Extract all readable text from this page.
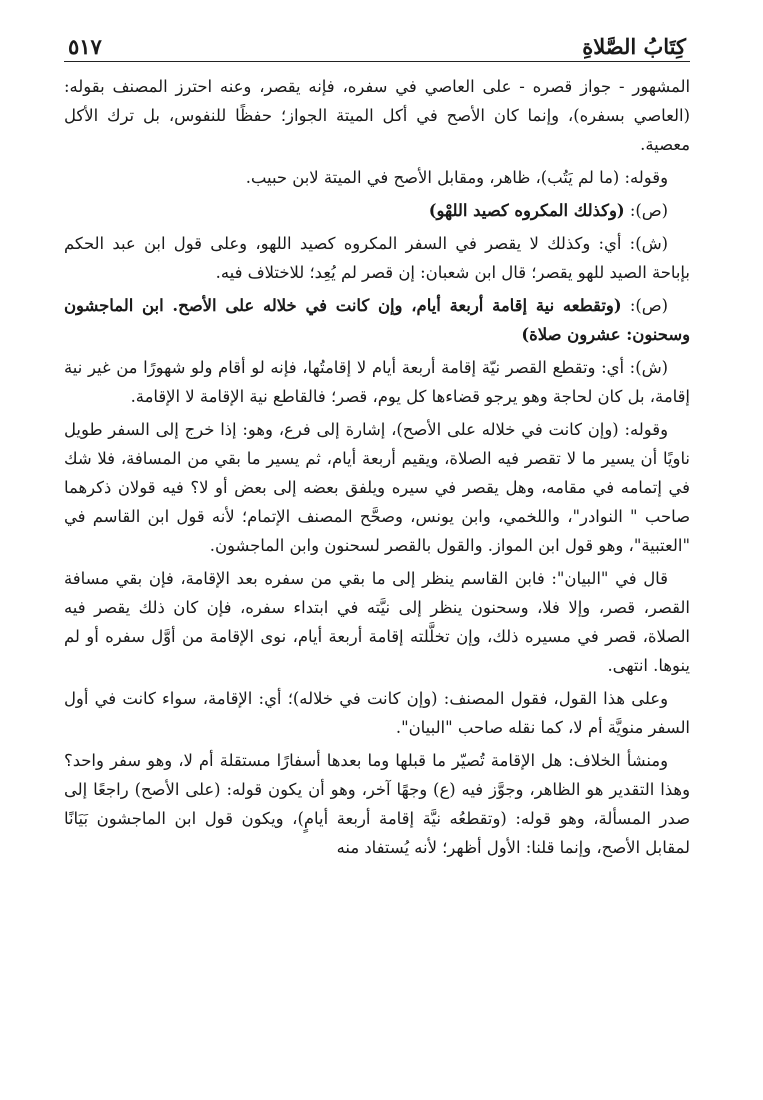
كِتَابُ الصَّلاةِ
٥١٧

المشهور - جواز قصره - على العاصي في سفره، فإنه يقصر، وعنه احترز المصنف بقوله: (العاصي بسفره)، وإنما كان الأصح في أكل الميتة الجواز؛ حفظًا للنفوس، بل ترك الأكل معصية.

وقوله: (ما لم يَتُب)، ظاهر، ومقابل الأصح في الميتة لابن حبيب.

(ص): (وكذلك المكروه كصيد اللهْو)

(ش): أي: وكذلك لا يقصر في السفر المكروه كصيد اللهو، وعلى قول ابن عبد الحكم بإباحة الصيد للهو يقصر؛ قال ابن شعبان: إن قصر لم يُعِد؛ للاختلاف فيه.

(ص): (وتقطعه نية إقامة أربعة أيام، وإن كانت في خلاله على الأصح. ابن الماجشون وسحنون: عشرون صلاة)

(ش): أي: وتقطع القصر نيّة إقامة أربعة أيام لا إقامتُها، فإنه لو أقام ولو شهورًا من غير نية إقامة، بل كان لحاجة وهو يرجو قضاءها كل يوم، قصر؛ فالقاطع نية الإقامة لا الإقامة.

وقوله: (وإن كانت في خلاله على الأصح)، إشارة إلى فرع، وهو: إذا خرج إلى السفر طويل ناويًا أن يسير ما لا تقصر فيه الصلاة، ويقيم أربعة أيام، ثم يسير ما بقي من المسافة، فلا شك في إتمامه في مقامه، وهل يقصر في سيره ويلفق بعضه إلى بعض أو لا؟ فيه قولان ذكرهما صاحب " النوادر"، واللخمي، وابن يونس، وصحَّح المصنف الإتمام؛ لأنه قول ابن القاسم في "العتبية"، وهو قول ابن المواز. والقول بالقصر لسحنون وابن الماجشون.

قال في "البيان": فابن القاسم ينظر إلى ما بقي من سفره بعد الإقامة، فإن بقي مسافة القصر، قصر، وإلا فلا، وسحنون ينظر إلى نيَّته في ابتداء سفره، فإن كان ذلك يقصر فيه الصلاة، قصر في مسيره ذلك، وإن تخلَّلته إقامة أربعة أيام، نوى الإقامة من أوَّل سفره أو لم ينوها. انتهى.

وعلى هذا القول، فقول المصنف: (وإن كانت في خلاله)؛ أي: الإقامة، سواء كانت في أول السفر منويَّة أم لا، كما نقله صاحب "البيان".

ومنشأ الخلاف: هل الإقامة تُصيّر ما قبلها وما بعدها أسفارًا مستقلة أم لا، وهو سفر واحد؟ وهذا التقدير هو الظاهر، وجوَّز فيه (ع) وجهًا آخر، وهو أن يكون قوله: (على الأصح) راجعًا إلى صدر المسألة، وهو قوله: (وتقطعُه نيَّة إقامة أربعة أيامٍ)، ويكون قول ابن الماجشون بَيَانًا لمقابل الأصح، وإنما قلنا: الأول أظهر؛ لأنه يُستفاد منه
